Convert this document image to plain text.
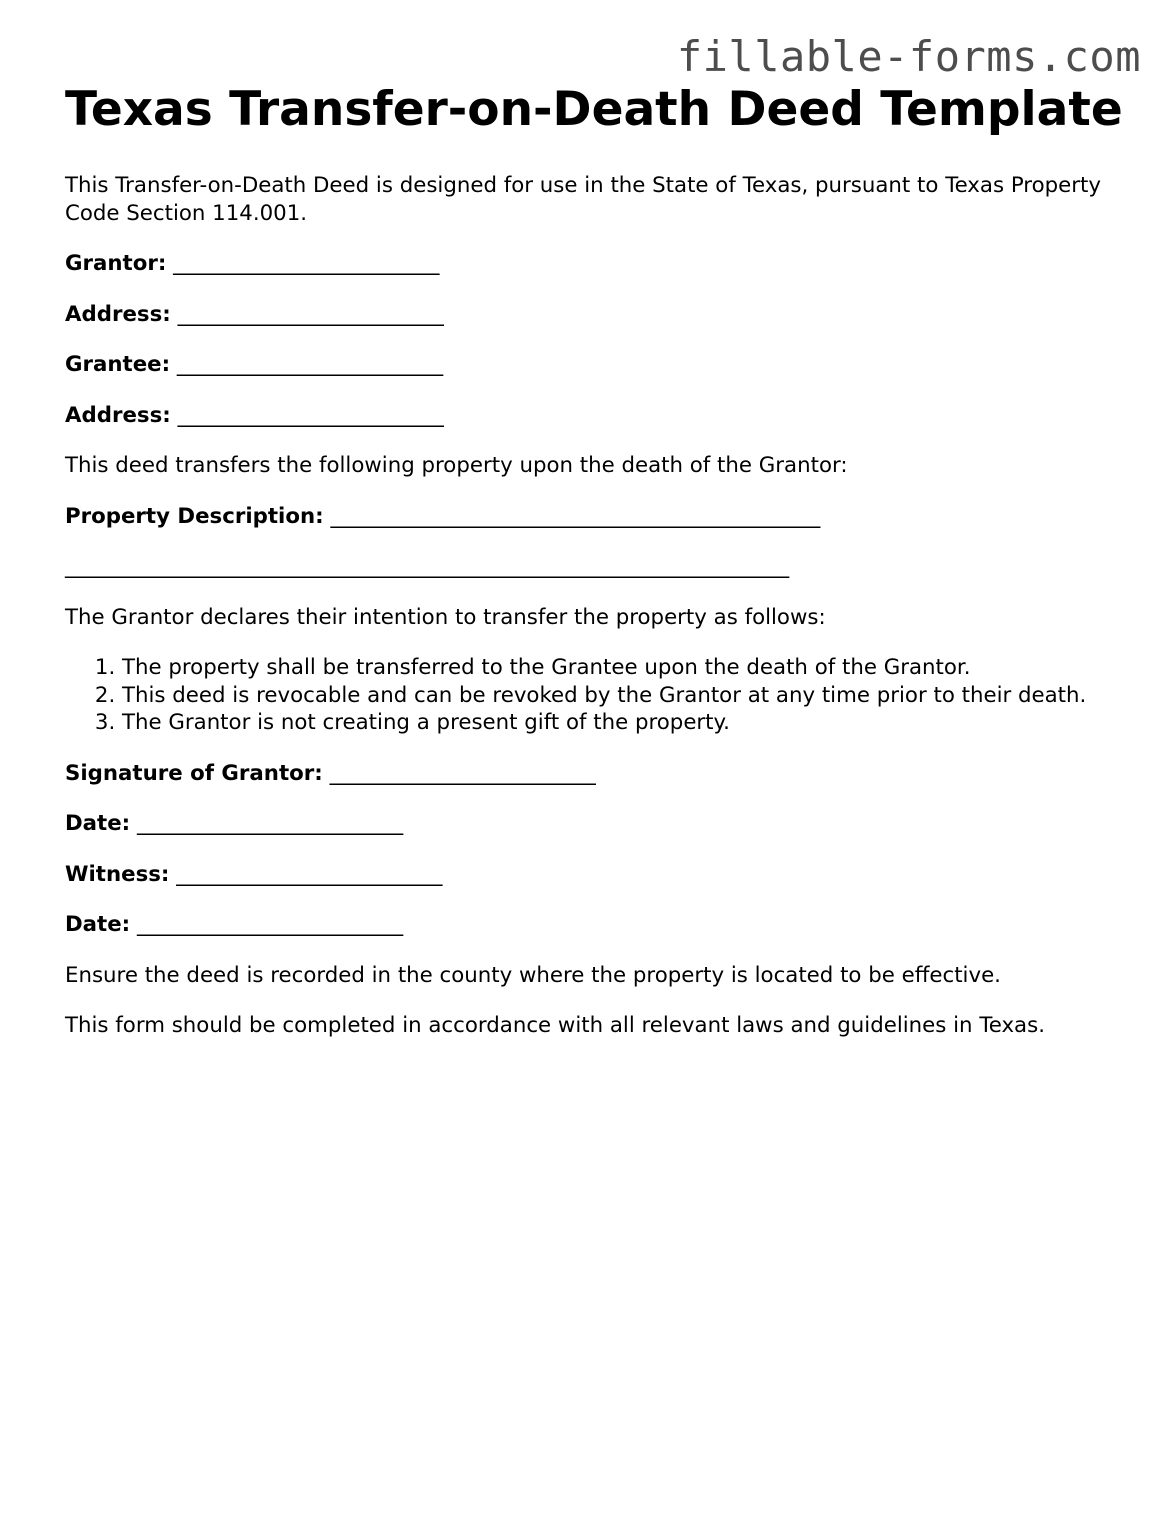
fillable-forms.com
Texas Transfer-on-Death Deed Template

This Transfer-on-Death Deed is designed for use in the State of Texas, pursuant to Texas Property Code Section 114.001.

Grantor: _________________________

Address: _________________________

Grantee: _________________________

Address: _________________________

This deed transfers the following property upon the death of the Grantor:

Property Description: ______________________________________________

____________________________________________________________________

The Grantor declares their intention to transfer the property as follows:

1. The property shall be transferred to the Grantee upon the death of the Grantor.
2. This deed is revocable and can be revoked by the Grantor at any time prior to their death.
3. The Grantor is not creating a present gift of the property.

Signature of Grantor: _________________________

Date: _________________________

Witness: _________________________

Date: _________________________

Ensure the deed is recorded in the county where the property is located to be effective.

This form should be completed in accordance with all relevant laws and guidelines in Texas.
